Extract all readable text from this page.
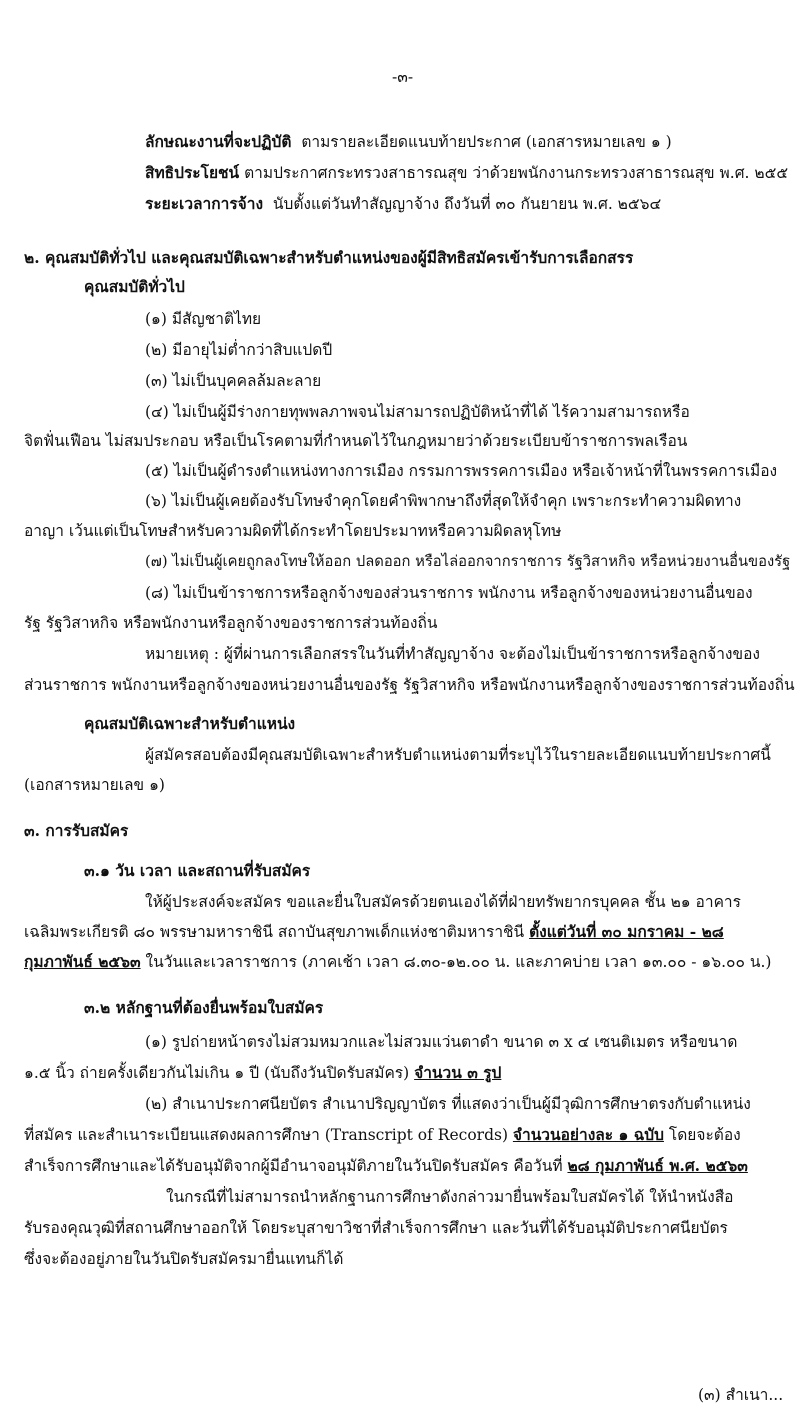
-๓-
ลักษณะงานที่จะปฏิบัติ ตามรายละเอียดแนบท้ายประกาศ (เอกสารหมายเลข ๑ )
สิทธิประโยชน์ ตามประกาศกระทรวงสาธารณสุข ว่าด้วยพนักงานกระทรวงสาธารณสุข พ.ศ. ๒๕๕
ระยะเวลาการจ้าง นับตั้งแต่วันทำสัญญาจ้าง ถึงวันที่ ๓๐ กันยายน พ.ศ. ๒๕๖๔
๒. คุณสมบัติทั่วไป และคุณสมบัติเฉพาะสำหรับตำแหน่งของผู้มีสิทธิสมัครเข้ารับการเลือกสรร
คุณสมบัติทั่วไป
(๑) มีสัญชาติไทย
(๒) มีอายุไม่ต่ำกว่าสิบแปดปี
(๓) ไม่เป็นบุคคลล้มละลาย
(๔) ไม่เป็นผู้มีร่างกายทุพพลภาพจนไม่สามารถปฏิบัติหน้าที่ได้ ไร้ความสามารถหรือ
จิตฟั่นเฟือน ไม่สมประกอบ หรือเป็นโรคตามที่กำหนดไว้ในกฎหมายว่าด้วยระเบียบข้าราชการพลเรือน
(๕) ไม่เป็นผู้ดำรงตำแหน่งทางการเมือง กรรมการพรรคการเมือง หรือเจ้าหน้าที่ในพรรคการเมือง
(๖) ไม่เป็นผู้เคยต้องรับโทษจำคุกโดยคำพิพากษาถึงที่สุดให้จำคุก เพราะกระทำความผิดทาง
อาญา เว้นแต่เป็นโทษสำหรับความผิดที่ได้กระทำโดยประมาทหรือความผิดลหุโทษ
(๗) ไม่เป็นผู้เคยถูกลงโทษให้ออก ปลดออก หรือไล่ออกจากราชการ รัฐวิสาหกิจ หรือหน่วยงานอื่นของรัฐ
(๘) ไม่เป็นข้าราชการหรือลูกจ้างของส่วนราชการ พนักงาน หรือลูกจ้างของหน่วยงานอื่นของ
รัฐ รัฐวิสาหกิจ หรือพนักงานหรือลูกจ้างของราชการส่วนท้องถิ่น
หมายเหตุ : ผู้ที่ผ่านการเลือกสรรในวันที่ทำสัญญาจ้าง จะต้องไม่เป็นข้าราชการหรือลูกจ้างของ
ส่วนราชการ พนักงานหรือลูกจ้างของหน่วยงานอื่นของรัฐ รัฐวิสาหกิจ หรือพนักงานหรือลูกจ้างของราชการส่วนท้องถิ่น
คุณสมบัติเฉพาะสำหรับตำแหน่ง
ผู้สมัครสอบต้องมีคุณสมบัติเฉพาะสำหรับตำแหน่งตามที่ระบุไว้ในรายละเอียดแนบท้ายประกาศนี้
(เอกสารหมายเลข ๑)
๓. การรับสมัคร
๓.๑ วัน เวลา และสถานที่รับสมัคร
ให้ผู้ประสงค์จะสมัคร ขอและยื่นใบสมัครด้วยตนเองได้ที่ฝ่ายทรัพยากรบุคคล ชั้น ๒๑ อาคาร
เฉลิมพระเกียรติ ๘๐ พรรษามหาราชินี สถาบันสุขภาพเด็กแห่งชาติมหาราชินี ตั้งแต่วันที่ ๓๐ มกราคม - ๒๘
กุมภาพันธ์ ๒๕๖๓ ในวันและเวลาราชการ (ภาคเช้า เวลา ๘.๓๐-๑๒.๐๐ น. และภาคบ่าย เวลา ๑๓.๐๐ - ๑๖.๐๐ น.)
๓.๒ หลักฐานที่ต้องยื่นพร้อมใบสมัคร
(๑) รูปถ่ายหน้าตรงไม่สวมหมวกและไม่สวมแว่นตาดำ ขนาด ๓ x ๔ เซนติเมตร หรือขนาด
๑.๕ นิ้ว ถ่ายครั้งเดียวกันไม่เกิน ๑ ปี (นับถึงวันปิดรับสมัคร) จำนวน ๓ รูป
(๒) สำเนาประกาศนียบัตร สำเนาปริญญาบัตร ที่แสดงว่าเป็นผู้มีวุฒิการศึกษาตรงกับตำแหน่ง
ที่สมัคร และสำเนาระเบียนแสดงผลการศึกษา (Transcript of Records) จำนวนอย่างละ ๑ ฉบับ โดยจะต้อง
สำเร็จการศึกษาและได้รับอนุมัติจากผู้มีอำนาจอนุมัติภายในวันปิดรับสมัคร คือวันที่ ๒๘ กุมภาพันธ์ พ.ศ. ๒๕๖๓
ในกรณีที่ไม่สามารถนำหลักฐานการศึกษาดังกล่าวมายื่นพร้อมใบสมัครได้ ให้นำหนังสือ
รับรองคุณวุฒิที่สถานศึกษาออกให้ โดยระบุสาขาวิชาที่สำเร็จการศึกษา และวันที่ได้รับอนุมัติประกาศนียบัตร
ซึ่งจะต้องอยู่ภายในวันปิดรับสมัครมายื่นแทนก็ได้
(๓) สำเนา...
